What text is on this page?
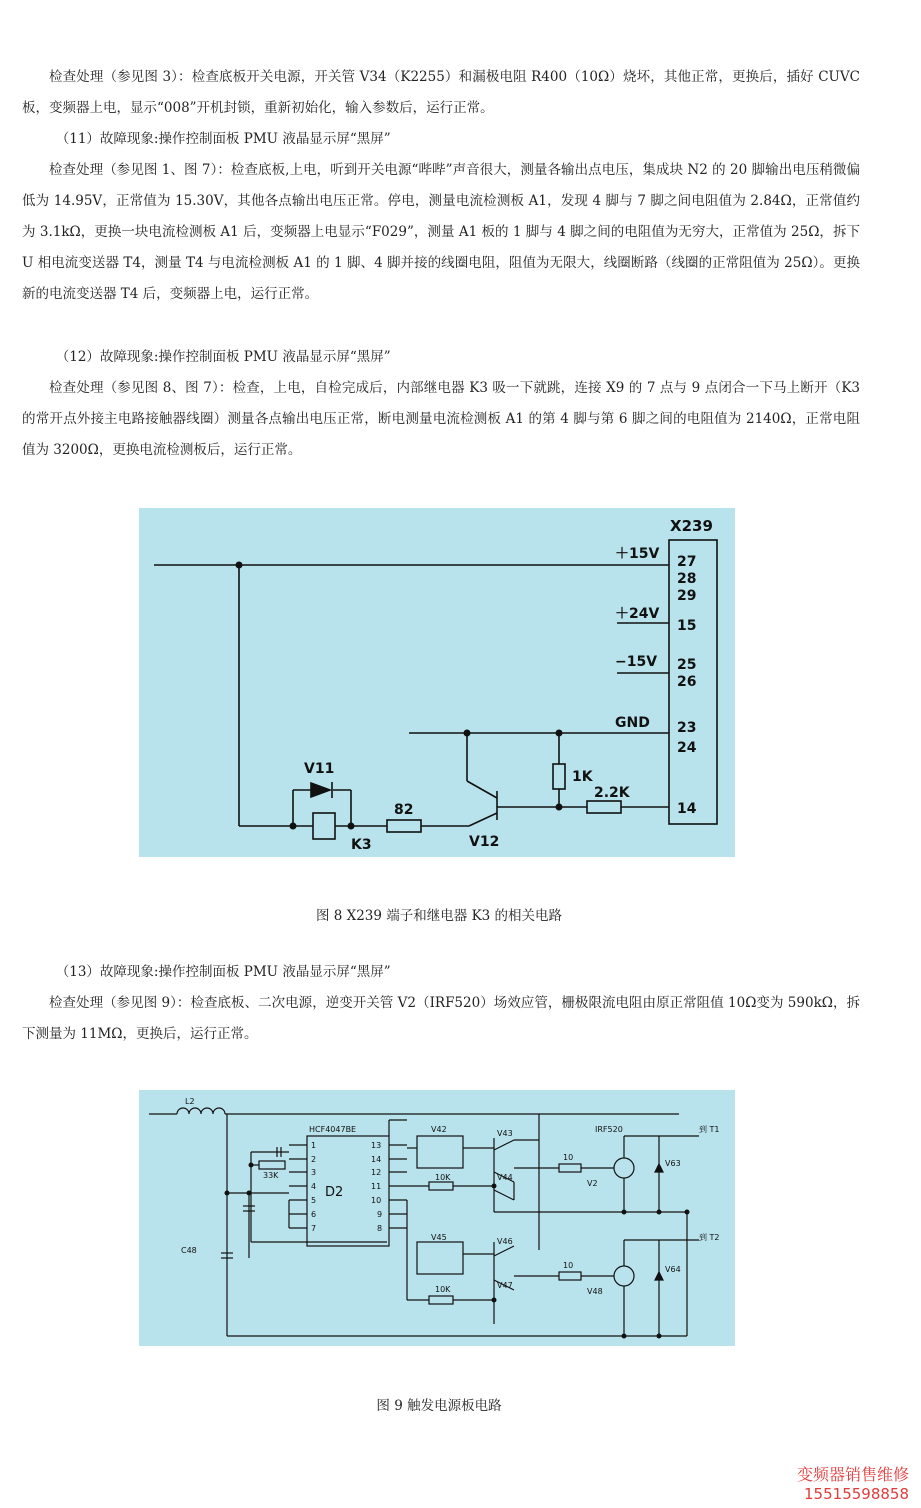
检查处理（参见图 3）：检查底板开关电源，开关管 V34（K2255）和漏极电阻 R400（10Ω）烧坏，其他正常，更换后，插好 CUVC 板，变频器上电，显示“008”开机封锁，重新初始化，输入参数后，运行正常。

（11）故障现象:操作控制面板 PMU 液晶显示屏“黑屏”

检查处理（参见图 1、图 7）：检查底板,上电，听到开关电源“哔哔”声音很大，测量各输出点电压，集成块 N2 的 20 脚输出电压稍微偏低为 14.95V，正常值为 15.30V，其他各点输出电压正常。停电，测量电流检测板 A1，发现 4 脚与 7 脚之间电阻值为 2.84Ω，正常值约为 3.1kΩ，更换一块电流检测板 A1 后，变频器上电显示“F029”，测量 A1 板的 1 脚与 4 脚之间的电阻值为无穷大，正常值为 25Ω，拆下 U 相电流变送器 T4，测量 T4 与电流检测板 A1 的 1 脚、4 脚并接的线圈电阻，阻值为无限大，线圈断路（线圈的正常阻值为 25Ω）。更换新的电流变送器 T4 后，变频器上电，运行正常。

（12）故障现象:操作控制面板 PMU 液晶显示屏“黑屏”

检查处理（参见图 8、图 7）：检查，上电，自检完成后，内部继电器 K3 吸一下就跳，连接 X9 的 7 点与 9 点闭合一下马上断开（K3 的常开点外接主电路接触器线圈）测量各点输出电压正常，断电测量电流检测板 A1 的第 4 脚与第 6 脚之间的电阻值为 2140Ω，正常电阻值为 3200Ω，更换电流检测板后，运行正常。

X239
＋15V
＋24V
−15V
GND
27
28
29
15
25
26
23
24
14
V11
K3
82
V12
1K
2.2K

图 8 X239 端子和继电器 K3 的相关电路

（13）故障现象:操作控制面板 PMU 液晶显示屏“黑屏”

检查处理（参见图 9）：检查底板、二次电源，逆变开关管 V2（IRF520）场效应管，栅极限流电阻由原正常阻值 10Ω变为 590kΩ，拆下测量为 11MΩ，更换后，运行正常。

L2
HCF4047BE
D2
1
2
3
4
5
6
7
13
14
12
11
10
9
8
33K
C48
V42	V43
V44
10K
V45	V46
V47
10K
10
10
IRF520
V2
V48
V63
V64
到 T1
到 T2

图 9 触发电源板电路

变频器销售维修
15515598858
